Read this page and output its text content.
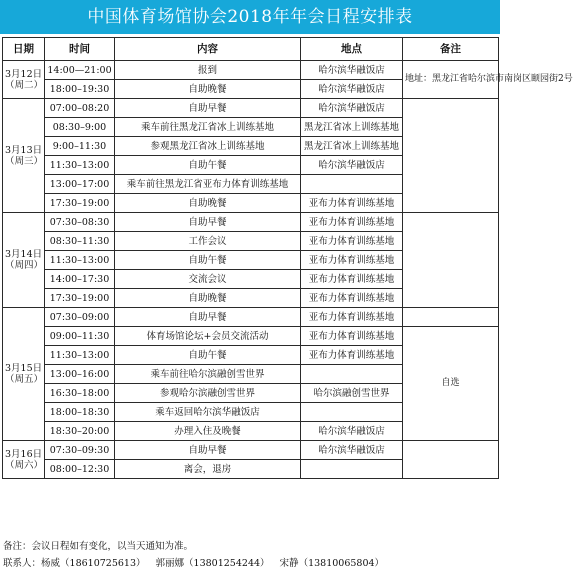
中国体育场馆协会2018年年会日程安排表
日期	时间	内容	地点	备注

3月12日
（周二）	14:00—21:00	报到	哈尔滨华融饭店	地址：黑龙江省哈尔滨市南岗区颐园街2号
	18:00–19:30	自助晚餐	哈尔滨华融饭店	

3月13日
（周三）	07:00–08:20	自助早餐	哈尔滨华融饭店	
	08:30–9:00	乘车前往黑龙江省冰上训练基地	黑龙江省冰上训练基地	
	9:00–11:30	参观黑龙江省冰上训练基地	黑龙江省冰上训练基地	
	11:30–13:00	自助午餐	哈尔滨华融饭店	
	13:00–17:00	乘车前往黑龙江省亚布力体育训练基地		
	17:30–19:00	自助晚餐	亚布力体育训练基地	

3月14日
（周四）	07:30–08:30	自助早餐	亚布力体育训练基地	
	08:30–11:30	工作会议	亚布力体育训练基地	
	11:30–13:00	自助午餐	亚布力体育训练基地	
	14:00–17:30	交流会议	亚布力体育训练基地	
	17:30–19:00	自助晚餐	亚布力体育训练基地	

3月15日
（周五）	07:30–09:00	自助早餐	亚布力体育训练基地	
	09:00–11:30	体育场馆论坛+会员交流活动	亚布力体育训练基地	自选
	11:30–13:00	自助午餐	亚布力体育训练基地	
	13:00–16:00	乘车前往哈尔滨融创雪世界		
	16:30–18:00	参观哈尔滨融创雪世界	哈尔滨融创雪世界	
	18:00–18:30	乘车返回哈尔滨华融饭店		
	18:30–20:00	办理入住及晚餐	哈尔滨华融饭店	

3月16日
（周六）	07:30–09:30	自助早餐	哈尔滨华融饭店	
	08:00–12:30	离会，退房		
备注：会议日程如有变化，以当天通知为准。
联系人：杨威（18610725613） 郭丽娜（13801254244） 宋静（13810065804）
